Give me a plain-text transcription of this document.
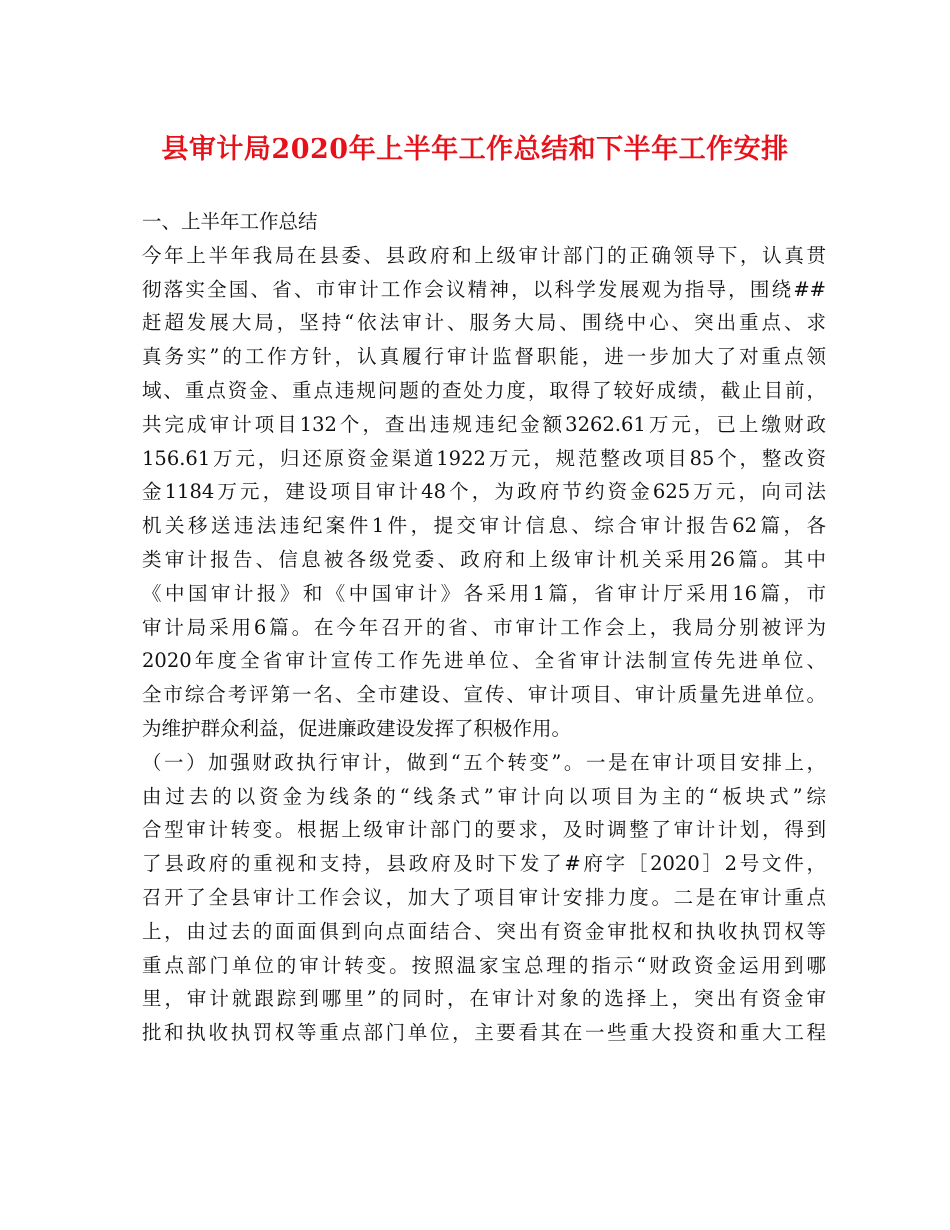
县审计局2020年上半年工作总结和下半年工作安排
一、上半年工作总结
今年上半年我局在县委、县政府和上级审计部门的正确领导下，认真贯
彻落实全国、省、市审计工作会议精神，以科学发展观为指导，围绕##
赶超发展大局，坚持“依法审计、服务大局、围绕中心、突出重点、求
真务实”的工作方针，认真履行审计监督职能，进一步加大了对重点领
域、重点资金、重点违规问题的查处力度，取得了较好成绩，截止目前，
共完成审计项目132个，查出违规违纪金额3262.61万元，已上缴财政
156.61万元，归还原资金渠道1922万元，规范整改项目85个，整改资
金1184万元，建设项目审计48个，为政府节约资金625万元，向司法
机关移送违法违纪案件1件，提交审计信息、综合审计报告62篇，各
类审计报告、信息被各级党委、政府和上级审计机关采用26篇。其中
《中国审计报》和《中国审计》各采用1篇，省审计厅采用16篇，市
审计局采用6篇。在今年召开的省、市审计工作会上，我局分别被评为
2020年度全省审计宣传工作先进单位、全省审计法制宣传先进单位、
全市综合考评第一名、全市建设、宣传、审计项目、审计质量先进单位。
为维护群众利益，促进廉政建设发挥了积极作用。
（一）加强财政执行审计，做到“五个转变”。一是在审计项目安排上，
由过去的以资金为线条的“线条式”审计向以项目为主的“板块式”综
合型审计转变。根据上级审计部门的要求，及时调整了审计计划，得到
了县政府的重视和支持，县政府及时下发了#府字［2020］2号文件，
召开了全县审计工作会议，加大了项目审计安排力度。二是在审计重点
上，由过去的面面俱到向点面结合、突出有资金审批权和执收执罚权等
重点部门单位的审计转变。按照温家宝总理的指示“财政资金运用到哪
里，审计就跟踪到哪里”的同时，在审计对象的选择上，突出有资金审
批和执收执罚权等重点部门单位，主要看其在一些重大投资和重大工程
